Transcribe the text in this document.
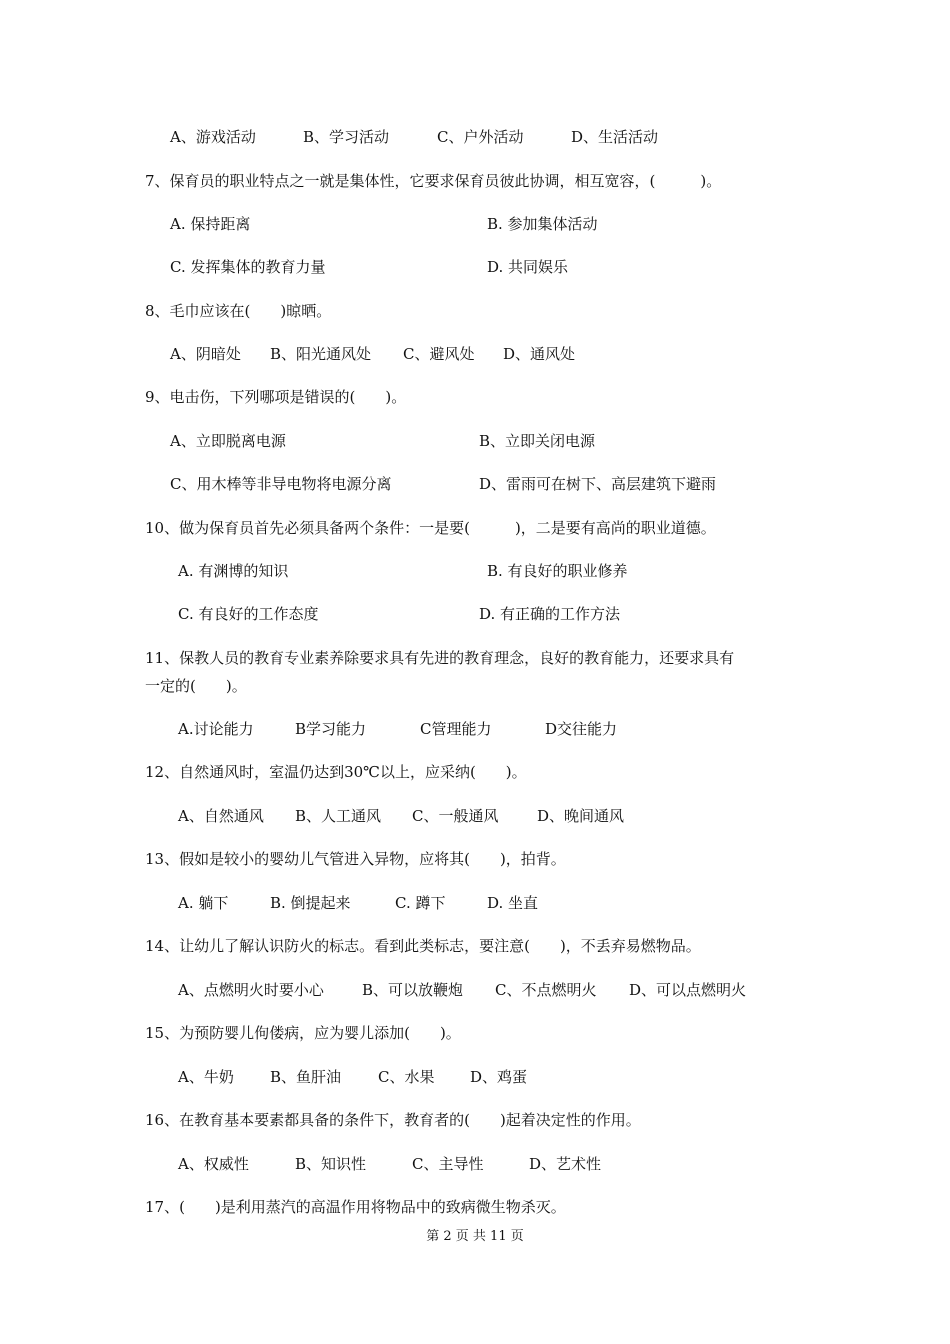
A、游戏活动	B、学习活动	C、户外活动	D、生活活动
7、保育员的职业特点之一就是集体性，它要求保育员彼此协调，相互宽容，(　　　)。
A. 保持距离	B. 参加集体活动
C. 发挥集体的教育力量	D. 共同娱乐
8、毛巾应该在(　　)晾晒。
A、阴暗处 B、阳光通风处 C、避风处 D、通风处
9、电击伤，下列哪项是错误的(　　)。
A、立即脱离电源	B、立即关闭电源
C、用木棒等非导电物将电源分离	D、雷雨可在树下、高层建筑下避雨
10、做为保育员首先必须具备两个条件：一是要(　　　)，二是要有高尚的职业道德。
A. 有渊博的知识	B. 有良好的职业修养
C. 有良好的工作态度	D. 有正确的工作方法
11、保教人员的教育专业素养除要求具有先进的教育理念，良好的教育能力，还要求具有
一定的(　　)。
A.讨论能力	B学习能力	C管理能力	D交往能力
12、自然通风时，室温仍达到30℃以上，应采纳(　　)。
A、自然通风 B、人工通风 C、一般通风	D、晚间通风
13、假如是较小的婴幼儿气管进入异物，应将其(　　)，拍背。
A. 躺下	B. 倒提起来	C. 蹲下	D. 坐直
14、让幼儿了解认识防火的标志。看到此类标志，要注意(　　)，不丢弃易燃物品。
A、点燃明火时要小心	B、可以放鞭炮 C、不点燃明火 D、可以点燃明火
15、为预防婴儿佝偻病，应为婴儿添加(　　)。
A、牛奶 B、鱼肝油 C、水果 D、鸡蛋
16、在教育基本要素都具备的条件下，教育者的(　　)起着决定性的作用。
A、权威性	B、知识性	C、主导性	D、艺术性
17、(　　)是利用蒸汽的高温作用将物品中的致病微生物杀灭。
第 2 页 共 11 页
